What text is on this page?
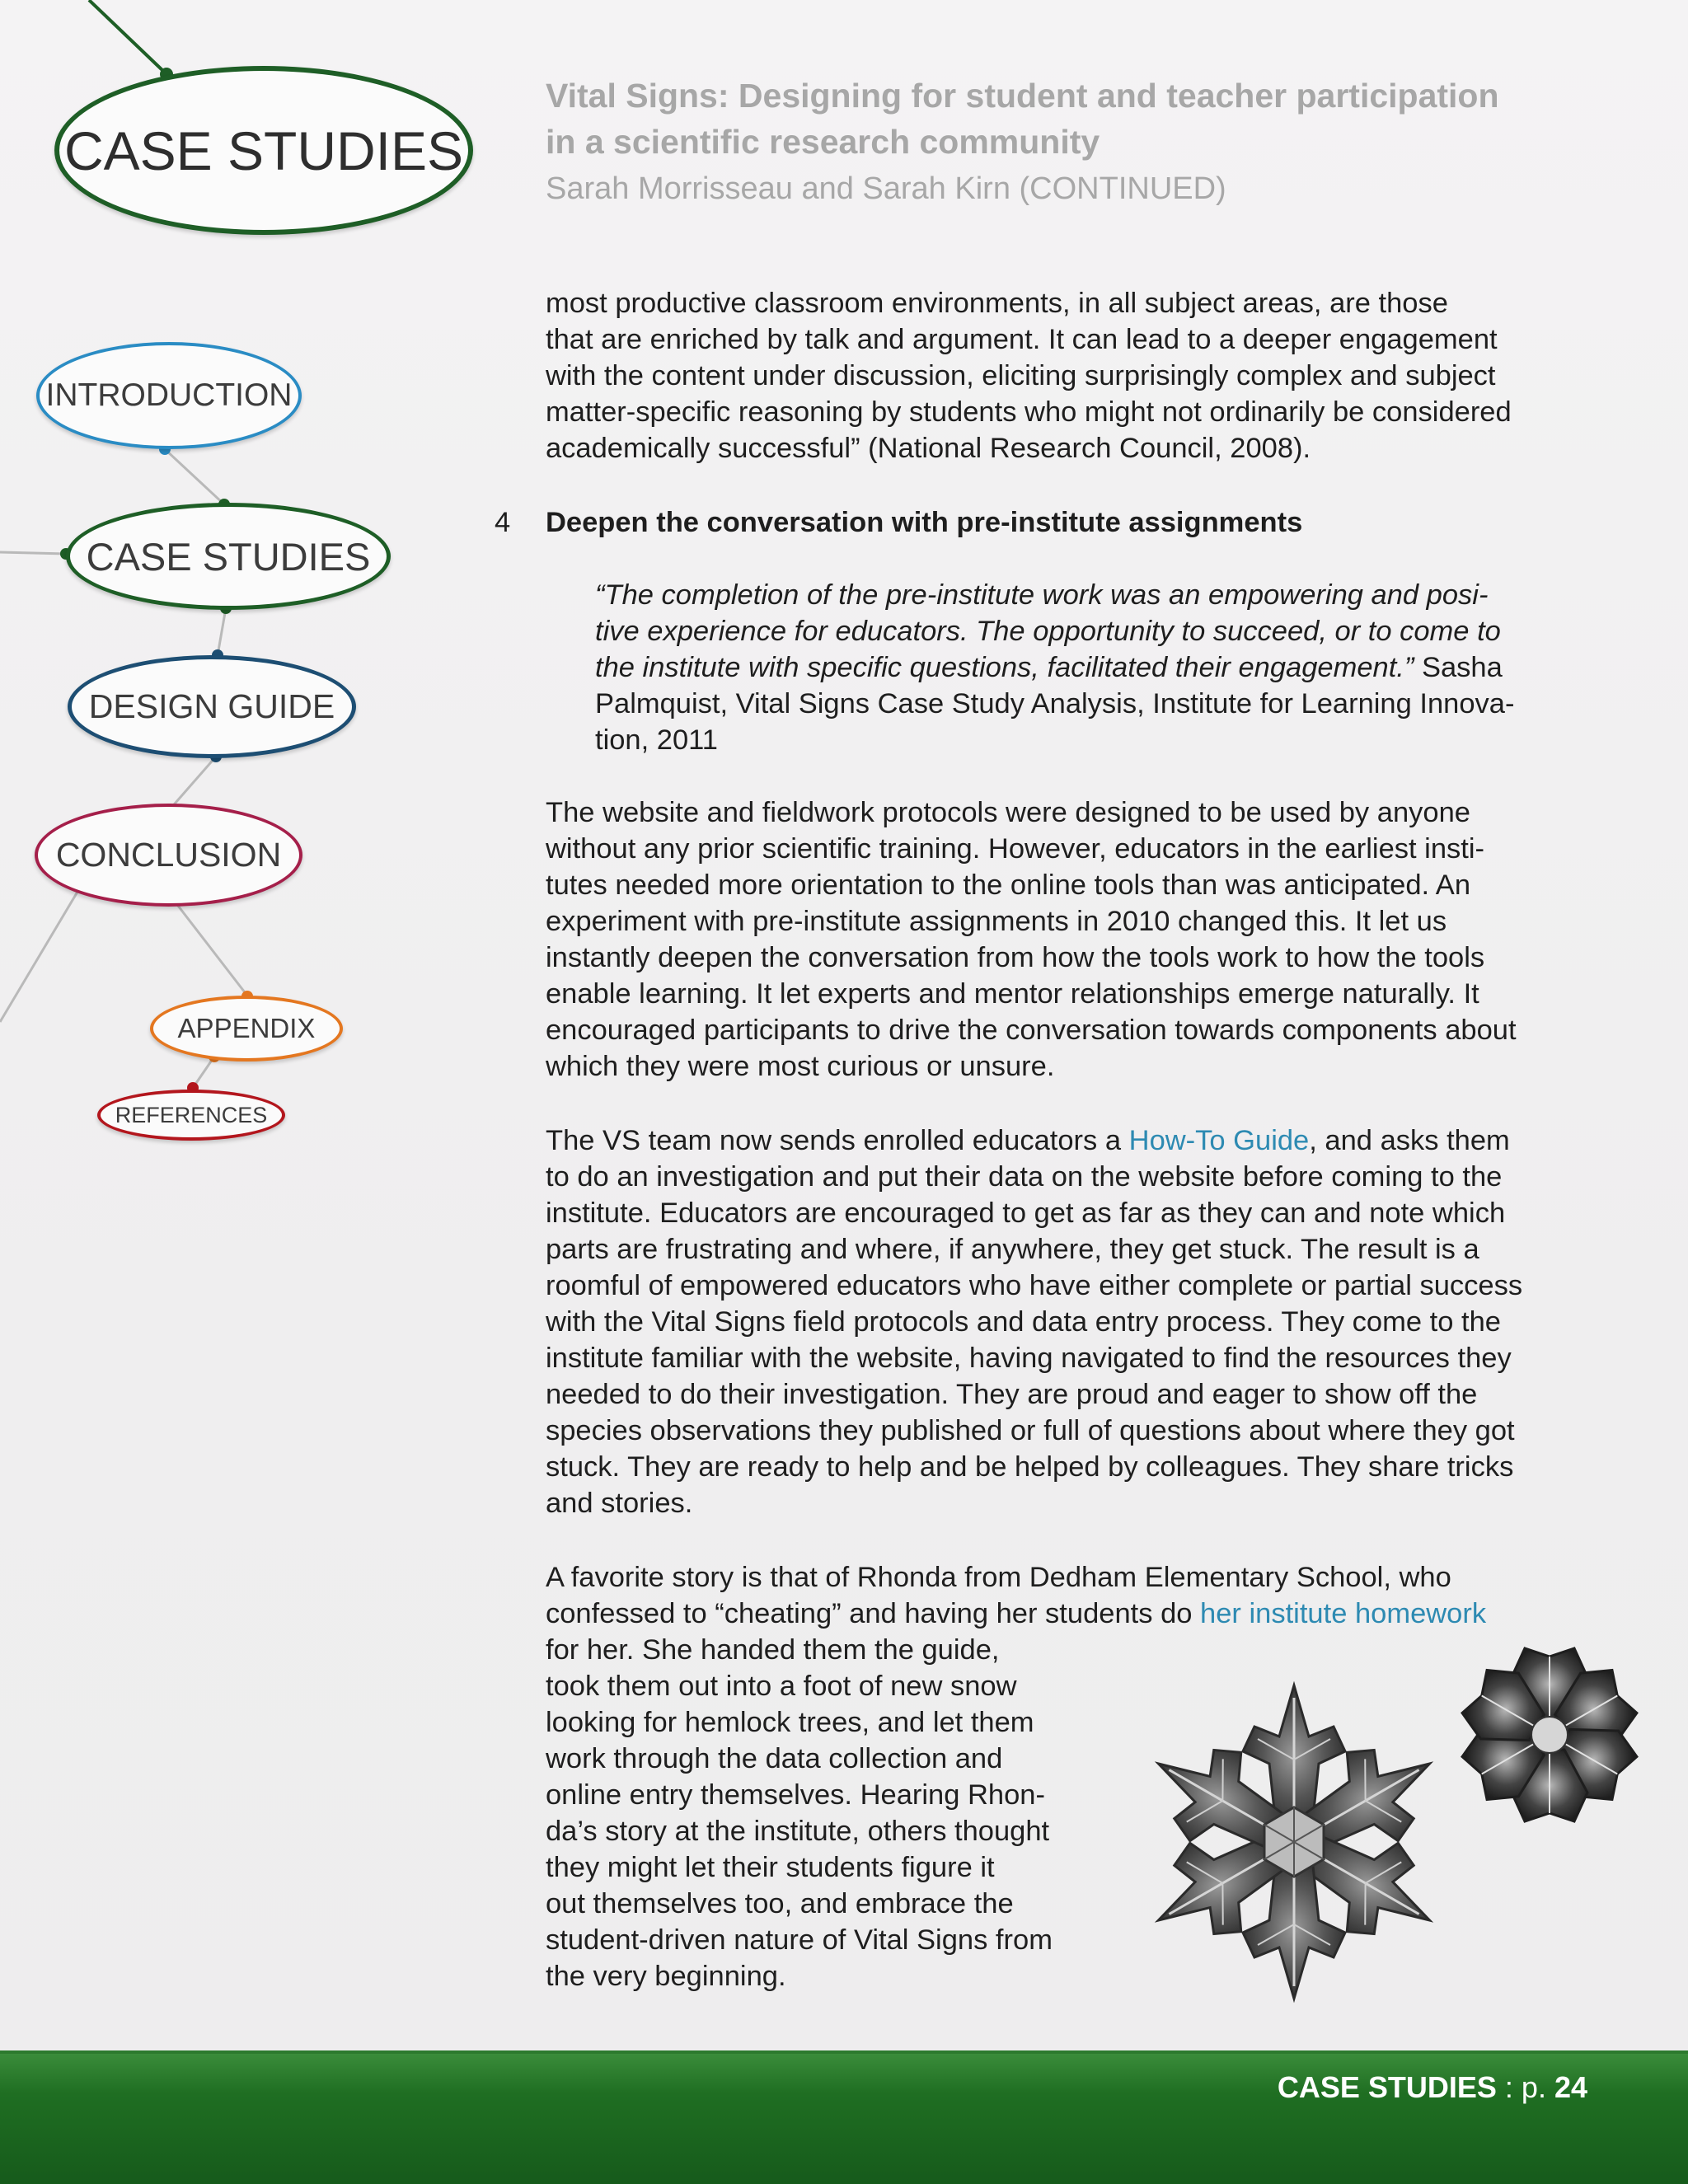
CASE STUDIES
INTRODUCTION
CASE STUDIES
DESIGN GUIDE
CONCLUSION
APPENDIX
REFERENCES
Vital Signs: Designing for student and teacher participation
in a scientific research community

Sarah Morrisseau and Sarah Kirn (CONTINUED)

most productive classroom environments, in all subject areas, are those
that are enriched by talk and argument. It can lead to a deeper engagement
with the content under discussion, eliciting surprisingly complex and subject
matter-specific reasoning by students who might not ordinarily be considered
academically successful” (National Research Council, 2008).

4 Deepen the conversation with pre-institute assignments

“The completion of the pre-institute work was an empowering and posi-
tive experience for educators. The opportunity to succeed, or to come to
the institute with specific questions, facilitated their engagement.” Sasha
Palmquist, Vital Signs Case Study Analysis, Institute for Learning Innova-
tion, 2011

The website and fieldwork protocols were designed to be used by anyone
without any prior scientific training. However, educators in the earliest insti-
tutes needed more orientation to the online tools than was anticipated. An
experiment with pre-institute assignments in 2010 changed this. It let us
instantly deepen the conversation from how the tools work to how the tools
enable learning. It let experts and mentor relationships emerge naturally. It
encouraged participants to drive the conversation towards components about
which they were most curious or unsure.

The VS team now sends enrolled educators a How-To Guide, and asks them
to do an investigation and put their data on the website before coming to the
institute. Educators are encouraged to get as far as they can and note which
parts are frustrating and where, if anywhere, they get stuck. The result is a
roomful of empowered educators who have either complete or partial success
with the Vital Signs field protocols and data entry process. They come to the
institute familiar with the website, having navigated to find the resources they
needed to do their investigation. They are proud and eager to show off the
species observations they published or full of questions about where they got
stuck. They are ready to help and be helped by colleagues. They share tricks
and stories.

A favorite story is that of Rhonda from Dedham Elementary School, who
confessed to “cheating” and having her students do her institute homework
for her. She handed them the guide,
took them out into a foot of new snow
looking for hemlock trees, and let them
work through the data collection and
online entry themselves. Hearing Rhon-
da’s story at the institute, others thought
they might let their students figure it
out themselves too, and embrace the
student-driven nature of Vital Signs from
the very beginning.

CASE STUDIES : p. 24
